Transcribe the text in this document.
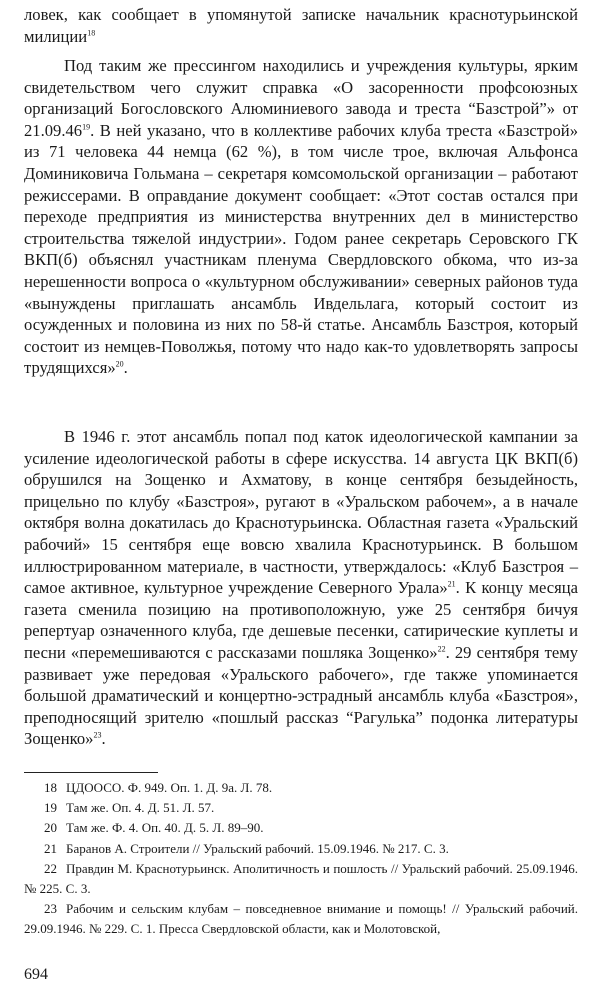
ловек, как сообщает в упомянутой записке начальник краснотурьинской милиции$^{18}$

Под таким же прессингом находились и учреждения культуры, ярким свидетельством чего служит справка «О засоренности профсоюзных организаций Богословского Алюминиевого завода и треста “Базстрой”» от 21.09.46$^{19}$. В ней указано, что в коллективе рабочих клуба треста «Базстрой» из 71 человека 44 немца (62 %), в том числе трое, включая Альфонса Доминиковича Гольмана – секретаря комсомольской организации – работают режиссерами. В оправдание документ сообщает: «Этот состав остался при переходе предприятия из министерства внутренних дел в министерство строительства тяжелой индустрии». Годом ранее секретарь Серовского ГК ВКП(б) объяснял участникам пленума Свердловского обкома, что из-за нерешенности вопроса о «культурном обслуживании» северных районов туда «вынуждены приглашать ансамбль Ивдельлага, который состоит из осужденных и половина из них по 58-й статье. Ансамбль Базстроя, который состоит из немцев-Поволжья, потому что надо как-то удовлетворять запросы трудящихся»$^{20}$.

В 1946 г. этот ансамбль попал под каток идеологической кампании за усиление идеологической работы в сфере искусства. 14 августа ЦК ВКП(б) обрушился на Зощенко и Ахматову, в конце сентября безыдейность, прицельно по клубу «Базстроя», ругают в «Уральском рабочем», а в начале октября волна докатилась до Краснотурьинска. Областная газета «Уральский рабочий» 15 сентября еще вовсю хвалила Краснотурьинск. В большом иллюстрированном материале, в частности, утверждалось: «Клуб Базстроя – самое активное, культурное учреждение Северного Урала»$^{21}$. К концу месяца газета сменила позицию на противоположную, уже 25 сентября бичуя репертуар означенного клуба, где дешевые песенки, сатирические куплеты и песни «перемешиваются с рассказами пошляка Зощенко»$^{22}$. 29 сентября тему развивает уже передовая «Уральского рабочего», где также упоминается большой драматический и концертно-эстрадный ансамбль клуба «Базстроя», преподносящий зрителю «пошлый рассказ “Рагулька” подонка литературы Зощенко»$^{23}$.

18 ЦДООСО. Ф. 949. Оп. 1. Д. 9а. Л. 78.

19 Там же. Оп. 4. Д. 51. Л. 57.

20 Там же. Ф. 4. Оп. 40. Д. 5. Л. 89–90.

21 Баранов А. Строители // Уральский рабочий. 15.09.1946. № 217. С. 3.

22 Правдин М. Краснотурьинск. Аполитичность и пошлость // Уральский рабочий. 25.09.1946. № 225. С. 3.

23 Рабочим и сельским клубам – повседневное внимание и помощь! // Уральский рабочий. 29.09.1946. № 229. С. 1. Пресса Свердловской области, как и Молотовской,

694
